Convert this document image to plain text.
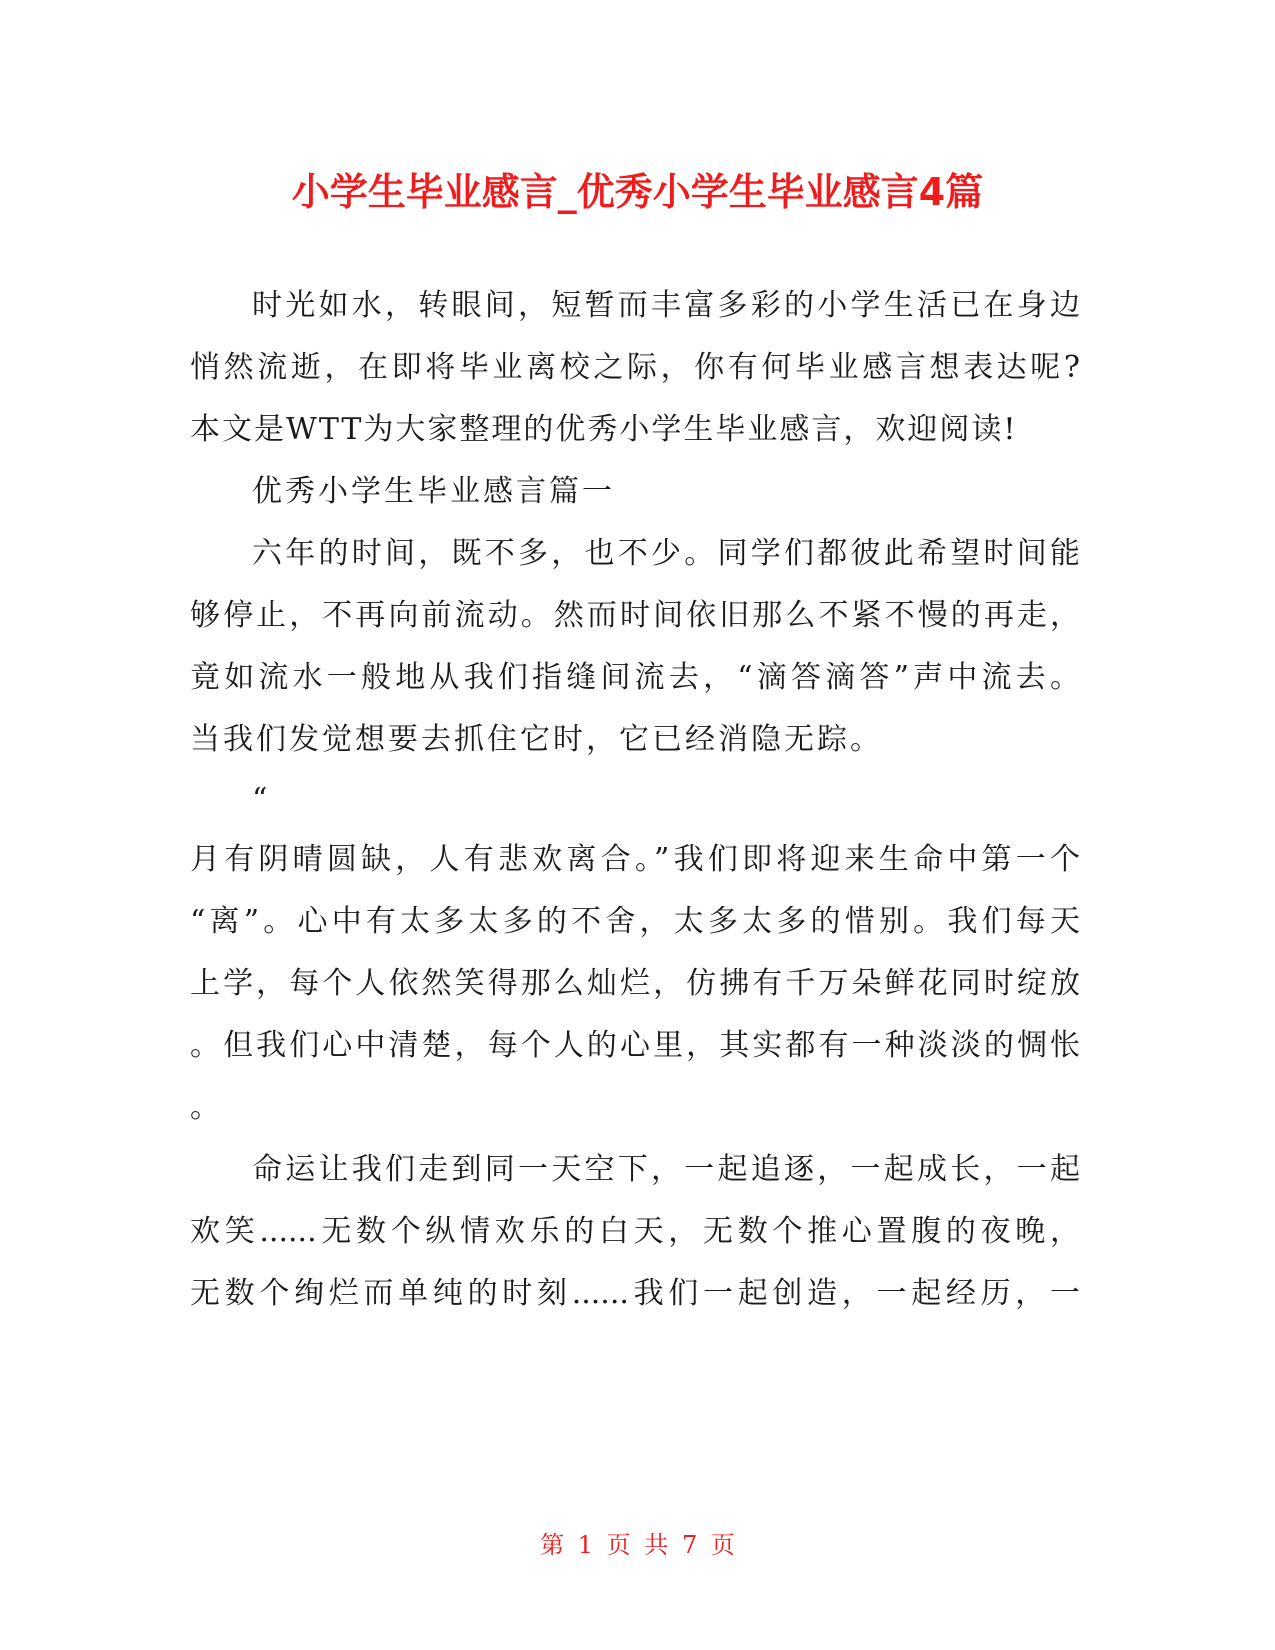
小学生毕业感言_优秀小学生毕业感言4篇
时光如水，转眼间，短暂而丰富多彩的小学生活已在身边
悄然流逝，在即将毕业离校之际，你有何毕业感言想表达呢?
本文是WTT为大家整理的优秀小学生毕业感言，欢迎阅读!
优秀小学生毕业感言篇一
六年的时间，既不多，也不少。同学们都彼此希望时间能
够停止，不再向前流动。然而时间依旧那么不紧不慢的再走，
竟如流水一般地从我们指缝间流去，“滴答滴答”声中流去。
当我们发觉想要去抓住它时，它已经消隐无踪。
“
月有阴晴圆缺，人有悲欢离合。”我们即将迎来生命中第一个
“离”。心中有太多太多的不舍，太多太多的惜别。我们每天
上学，每个人依然笑得那么灿烂，仿拂有千万朵鲜花同时绽放
。但我们心中清楚，每个人的心里，其实都有一种淡淡的惆怅
。
命运让我们走到同一天空下，一起追逐，一起成长，一起
欢笑......无数个纵情欢乐的白天，无数个推心置腹的夜晚，
无数个绚烂而单纯的时刻......我们一起创造，一起经历，一
第 1 页 共 7 页
